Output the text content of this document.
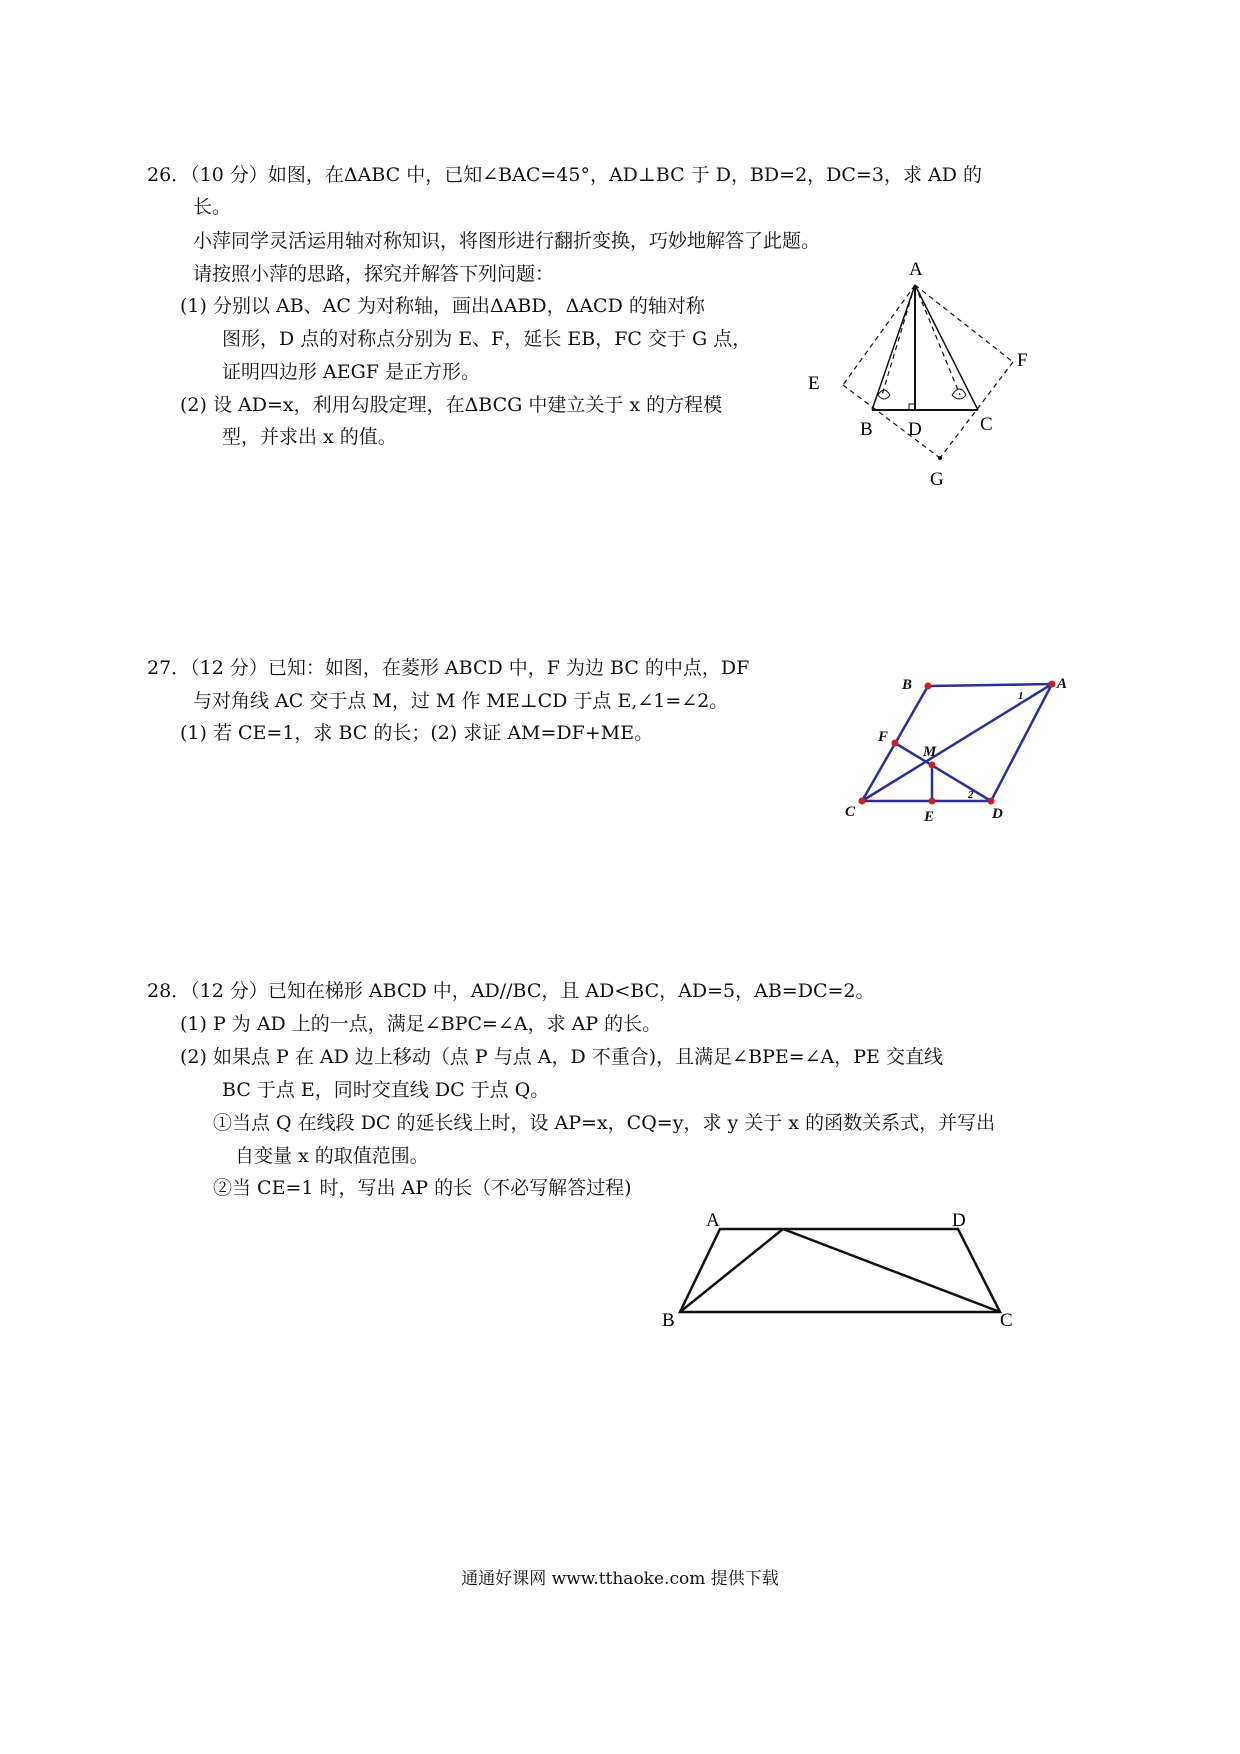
26．（10 分）如图，在ΔABC 中，已知∠BAC=45°，AD⊥BC 于 D，BD=2，DC=3，求 AD 的
长。
小萍同学灵活运用轴对称知识，将图形进行翻折变换，巧妙地解答了此题。
请按照小萍的思路，探究并解答下列问题：
(1) 分别以 AB、AC 为对称轴，画出ΔABD，ΔACD 的轴对称
图形，D 点的对称点分别为 E、F，延长 EB，FC 交于 G 点，
证明四边形 AEGF 是正方形。
(2) 设 AD=x，利用勾股定理，在ΔBCG 中建立关于 x 的方程模
型，并求出 x 的值。
A
E
F
B D	C
G
27．（12 分）已知：如图，在菱形 ABCD 中，F 为边 BC 的中点，DF
与对角线 AC 交于点 M，过 M 作 ME⊥CD 于点 E,∠1=∠2。
(1) 若 CE=1，求 BC 的长；(2) 求证 AM=DF+ME。
B	A
F
M
C	E	D
1
2
28．（12 分）已知在梯形 ABCD 中，AD//BC，且 AD<BC，AD=5，AB=DC=2。
(1) P 为 AD 上的一点，满足∠BPC=∠A，求 AP 的长。
(2) 如果点 P 在 AD 边上移动（点 P 与点 A，D 不重合)，且满足∠BPE=∠A，PE 交直线
BC 于点 E，同时交直线 DC 于点 Q。
①当点 Q 在线段 DC 的延长线上时，设 AP=x，CQ=y，求 y 关于 x 的函数关系式，并写出
自变量 x 的取值范围。
②当 CE=1 时，写出 AP 的长（不必写解答过程)
A	D
B	C
通通好课网 www.tthaoke.com 提供下载
